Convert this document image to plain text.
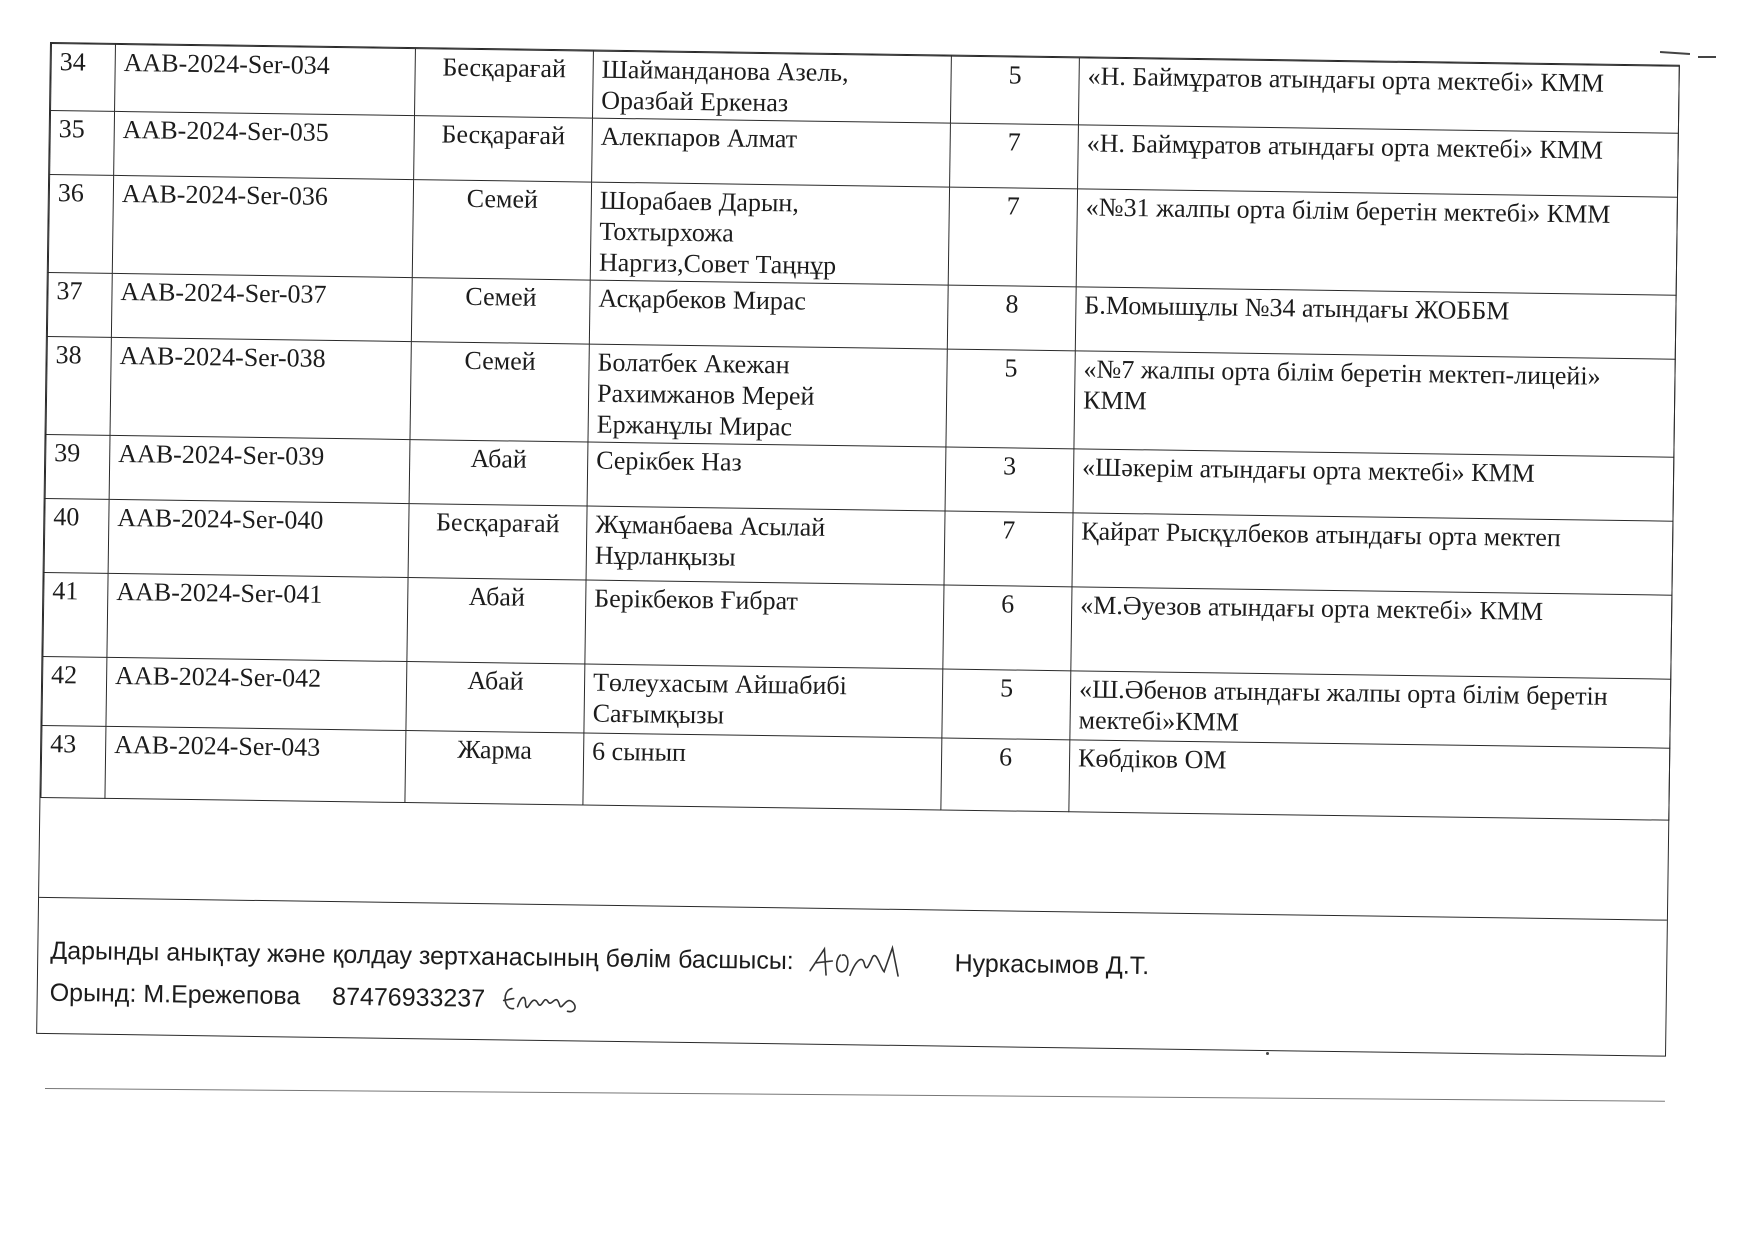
34	AAB-2024-Ser-034	Бесқарағай	Шайманданова Азель,
Оразбай Еркеназ	5	«Н. Баймұратов атындағы орта мектебі» КММ
35	AAB-2024-Ser-035	Бесқарағай	Алекпаров Алмат	7	«Н. Баймұратов атындағы орта мектебі» КММ
36	AAB-2024-Ser-036	Семей	Шорабаев Дарын,
Тохтырхожа
Наргиз,Совет Таңнұр	7	«№31 жалпы орта білім беретін мектебі» КММ
37	AAB-2024-Ser-037	Семей	Асқарбеков Мирас	8	Б.Момышұлы №34 атындағы ЖОББМ
38	AAB-2024-Ser-038	Семей	Болатбек Акежан
Рахимжанов Мерей
Ержанұлы Мирас	5	«№7 жалпы орта білім беретін мектеп-лицейі» КММ
39	AAB-2024-Ser-039	Абай	Серікбек Наз	3	«Шәкерім атындағы орта мектебі» КММ
40	AAB-2024-Ser-040	Бесқарағай	Жұманбаева Асылай
Нұрланқызы	7	Қайрат Рысқұлбеков атындағы орта мектеп
41	AAB-2024-Ser-041	Абай	Берікбеков Ғибрат	6	«М.Әуезов атындағы орта мектебі» КММ
42	AAB-2024-Ser-042	Абай	Төлеухасым Айшабибі
Сағымқызы	5	«Ш.Әбенов атындағы жалпы орта білім беретін мектебі»КММ
43	AAB-2024-Ser-043	Жарма	6 сынып	6	Көбдіков ОМ
Дарынды анықтау және қолдау зертханасының бөлім басшысы:	Нуркасымов Д.Т.
Орынд: М.Ережепова 87476933237
